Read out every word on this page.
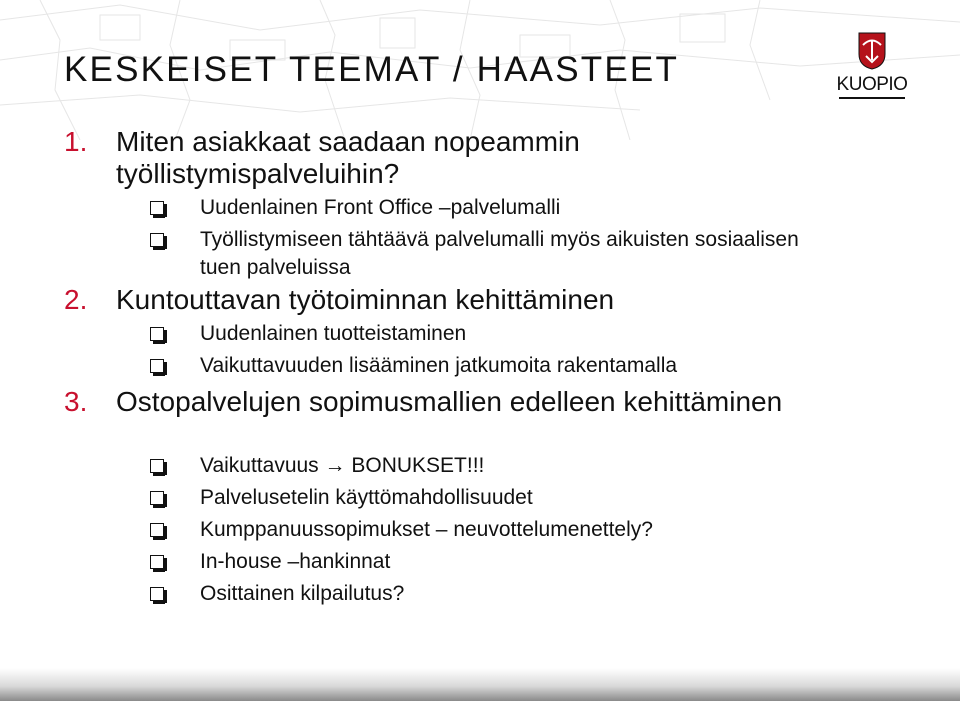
KESKEISET TEEMAT / HAASTEET	KUOPIO
1.	Miten asiakkaat saadaan nopeammin työllistymispalveluihin?
Uudenlainen Front Office –palvelumalli
Työllistymiseen tähtäävä palvelumalli myös aikuisten sosiaalisen tuen palveluissa
2.	Kuntouttavan työtoiminnan kehittäminen
Uudenlainen tuotteistaminen
Vaikuttavuuden lisääminen jatkumoita rakentamalla
3.	Ostopalvelujen sopimusmallien edelleen kehittäminen
Vaikuttavuus → BONUKSET!!!
Palvelusetelin käyttömahdollisuudet
Kumppanuussopimukset – neuvottelumenettely?
In-house –hankinnat
Osittainen kilpailutus?
